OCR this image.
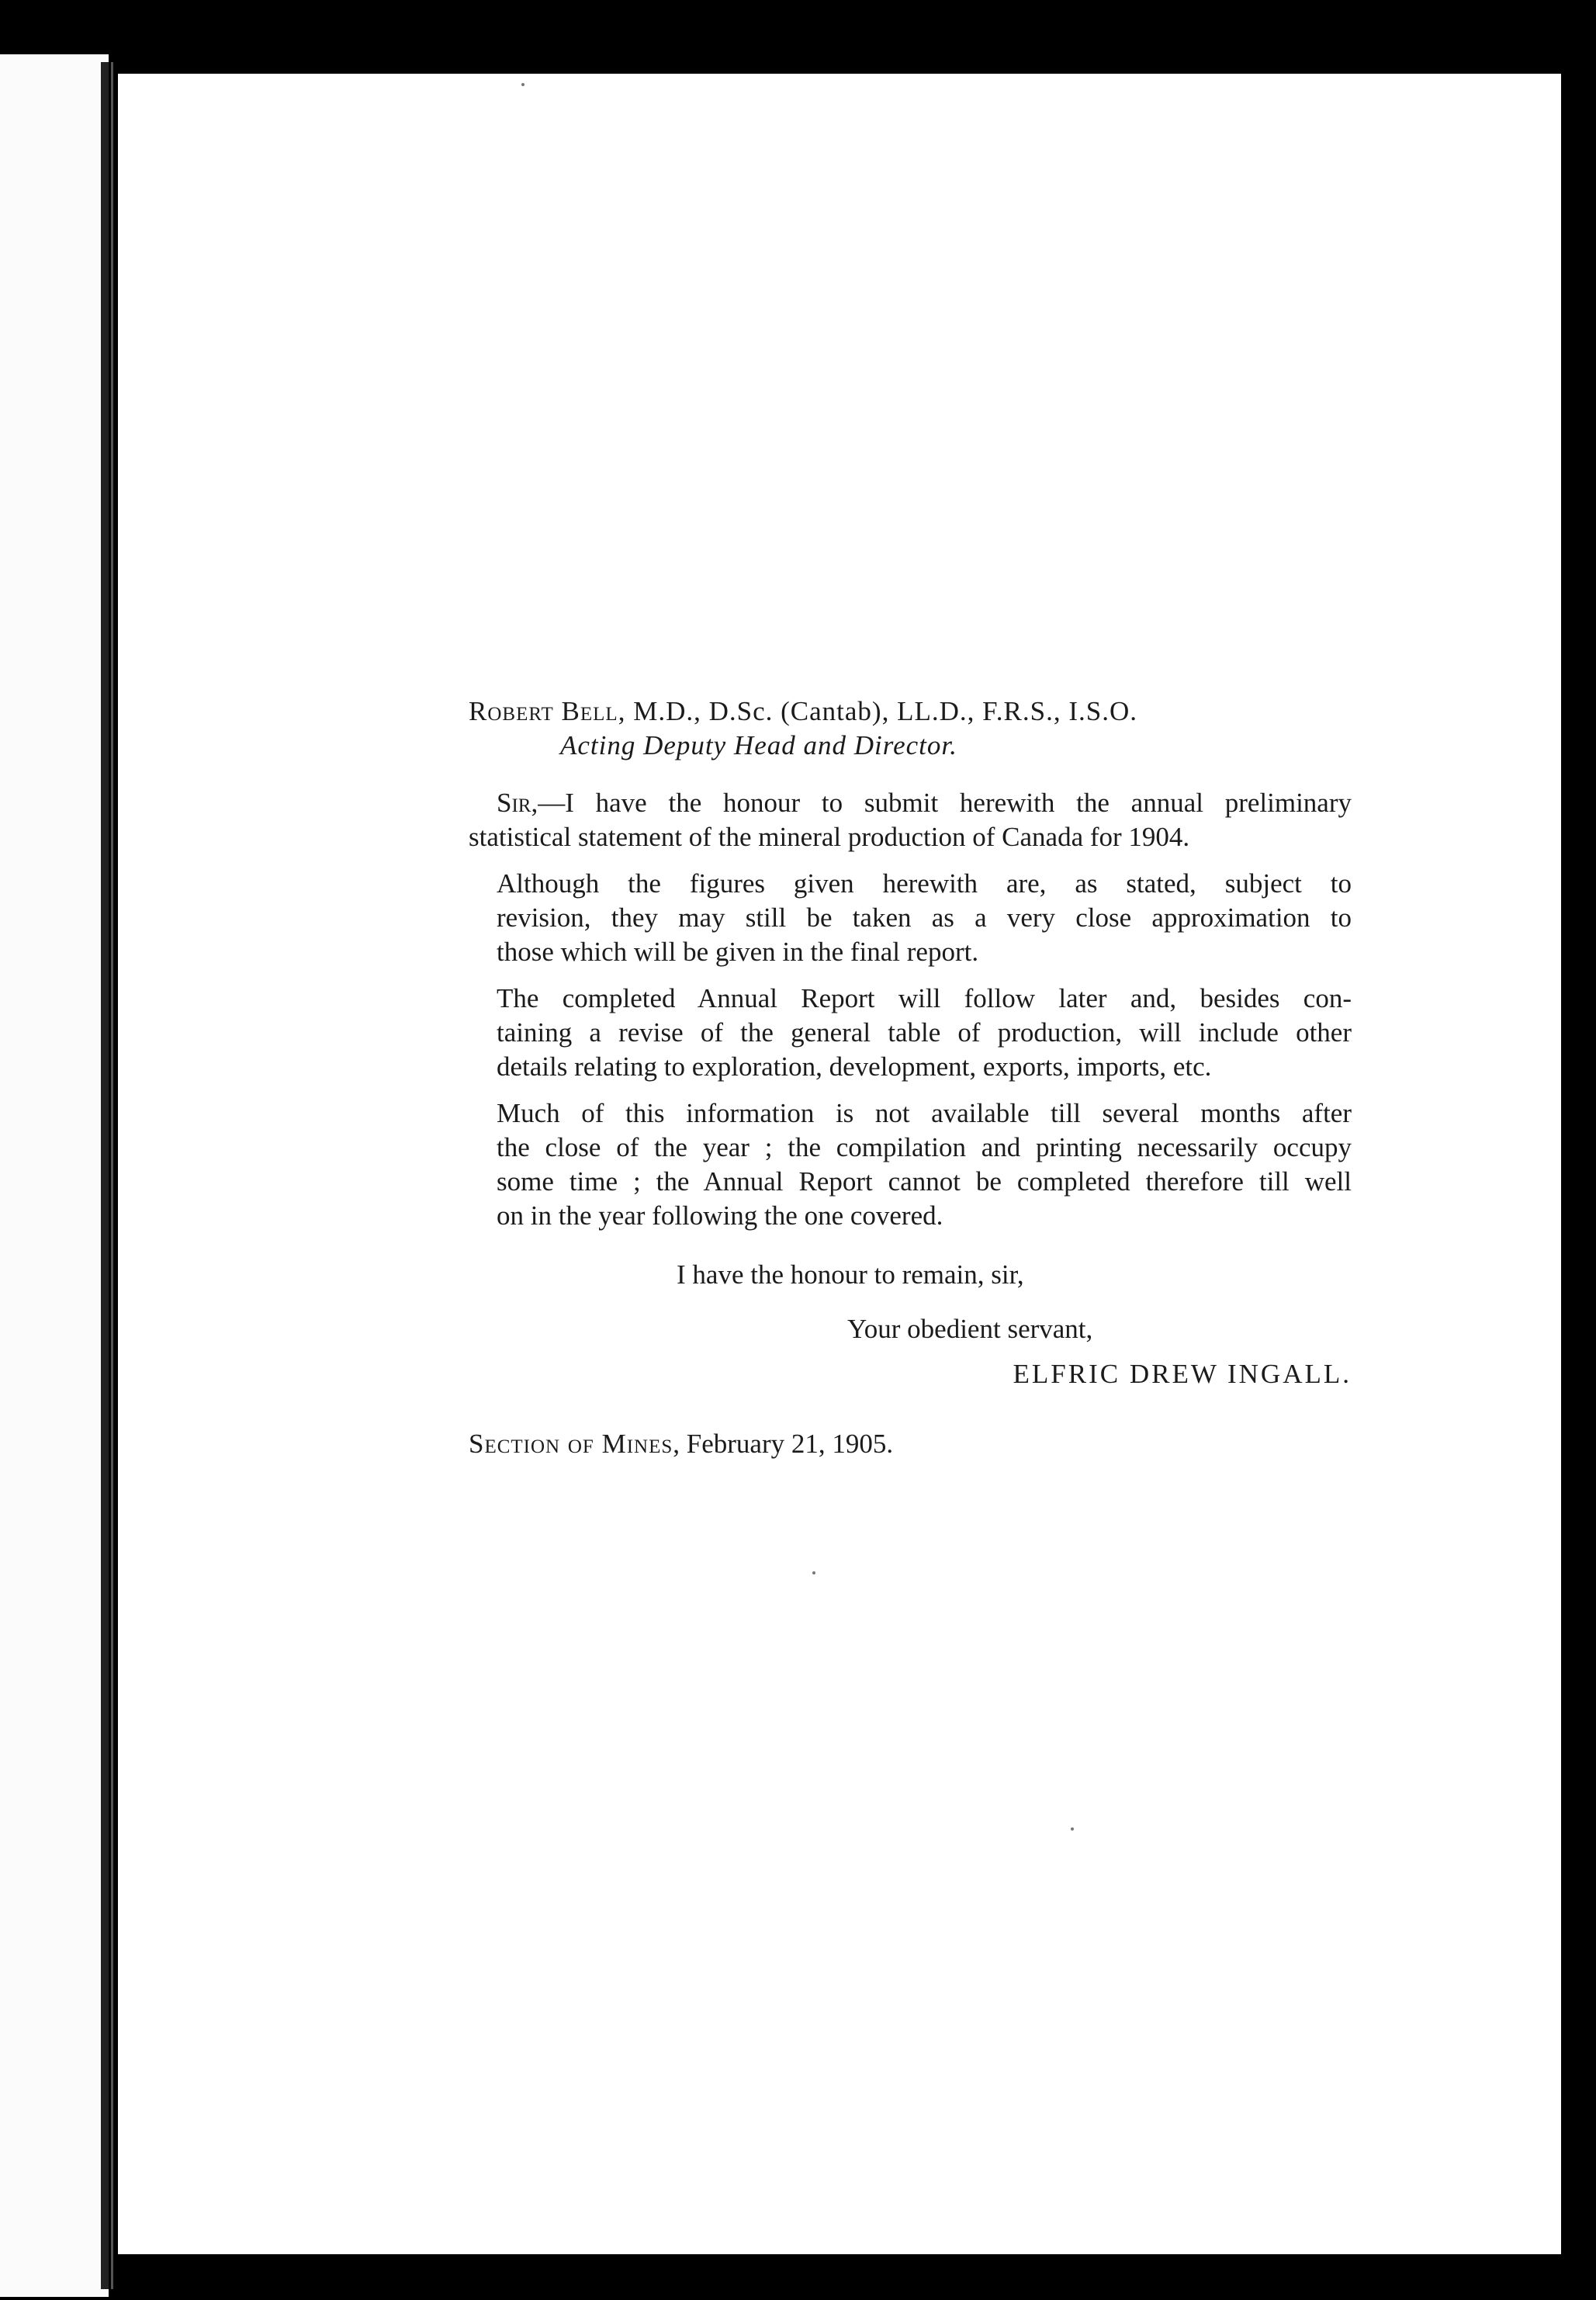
Robert Bell, M.D., D.Sc. (Cantab), LL.D., F.R.S., I.S.O.

Acting Deputy Head and Director.

Sir,—I have the honour to submit herewith the annual preliminary
statistical statement of the mineral production of Canada for 1904.
Although the figures given herewith are, as stated, subject to
revision, they may still be taken as a very close approximation to
those which will be given in the final report.
The completed Annual Report will follow later and, besides con-
taining a revise of the general table of production, will include other
details relating to exploration, development, exports, imports, etc.
Much of this information is not available till several months after
the close of the year ; the compilation and printing necessarily occupy
some time ; the Annual Report cannot be completed therefore till well
on in the year following the one covered.

I have the honour to remain, sir,

Your obedient servant,

ELFRIC DREW INGALL.

Section of Mines, February 21, 1905.
